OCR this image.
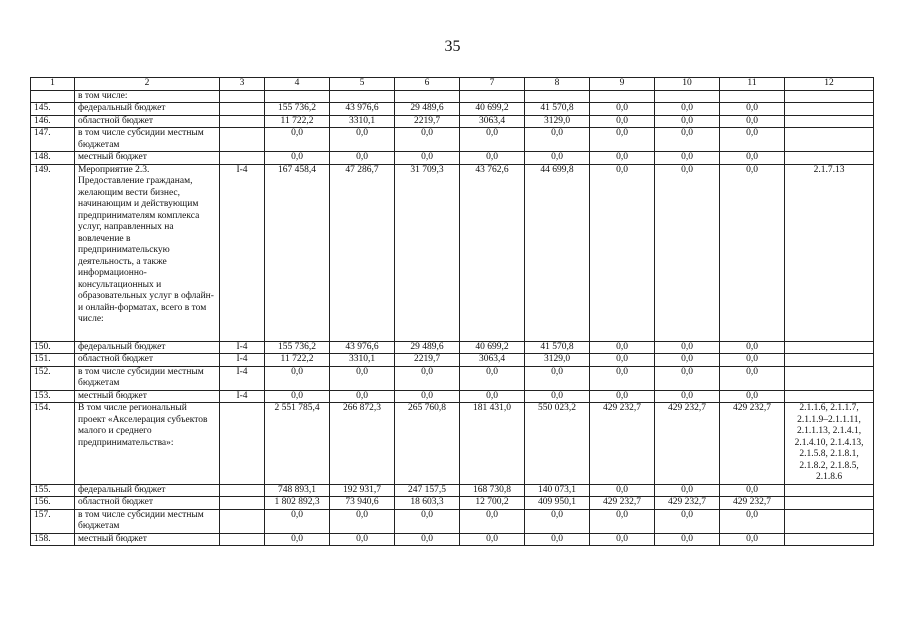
35
1	2	3	4	5	6	7	8	9	10	11	12
	в том числе:										
145.	федеральный бюджет		155 736,2	43 976,6	29 489,6	40 699,2	41 570,8	0,0	0,0	0,0	
146.	областной бюджет		11 722,2	3310,1	2219,7	3063,4	3129,0	0,0	0,0	0,0	
147.	в том числе субсидии местным бюджетам		0,0	0,0	0,0	0,0	0,0	0,0	0,0	0,0	
148.	местный бюджет		0,0	0,0	0,0	0,0	0,0	0,0	0,0	0,0	
149.	Мероприятие 2.3. Предоставление гражданам, желающим вести бизнес, начинающим и действующим предпринимателям комплекса услуг, направленных на вовлечение в предпринимательскую деятельность, а также информационно-консультационных и образовательных услуг в офлайн- и онлайн-форматах, всего в том числе:	I-4	167 458,4	47 286,7	31 709,3	43 762,6	44 699,8	0,0	0,0	0,0	2.1.7.13
150.	федеральный бюджет	I-4	155 736,2	43 976,6	29 489,6	40 699,2	41 570,8	0,0	0,0	0,0	
151.	областной бюджет	I-4	11 722,2	3310,1	2219,7	3063,4	3129,0	0,0	0,0	0,0	
152.	в том числе субсидии местным бюджетам	I-4	0,0	0,0	0,0	0,0	0,0	0,0	0,0	0,0	
153.	местный бюджет	I-4	0,0	0,0	0,0	0,0	0,0	0,0	0,0	0,0	
154.	В том числе региональный проект «Акселерация субъектов малого и среднего предпринимательства»:		2 551 785,4	266 872,3	265 760,8	181 431,0	550 023,2	429 232,7	429 232,7	429 232,7	2.1.1.6, 2.1.1.7, 2.1.1.9–2.1.1.11, 2.1.1.13, 2.1.4.1, 2.1.4.10, 2.1.4.13, 2.1.5.8, 2.1.8.1, 2.1.8.2, 2.1.8.5, 2.1.8.6
155.	федеральный бюджет		748 893,1	192 931,7	247 157,5	168 730,8	140 073,1	0,0	0,0	0,0	
156.	областной бюджет		1 802 892,3	73 940,6	18 603,3	12 700,2	409 950,1	429 232,7	429 232,7	429 232,7	
157.	в том числе субсидии местным бюджетам		0,0	0,0	0,0	0,0	0,0	0,0	0,0	0,0	
158.	местный бюджет		0,0	0,0	0,0	0,0	0,0	0,0	0,0	0,0	
